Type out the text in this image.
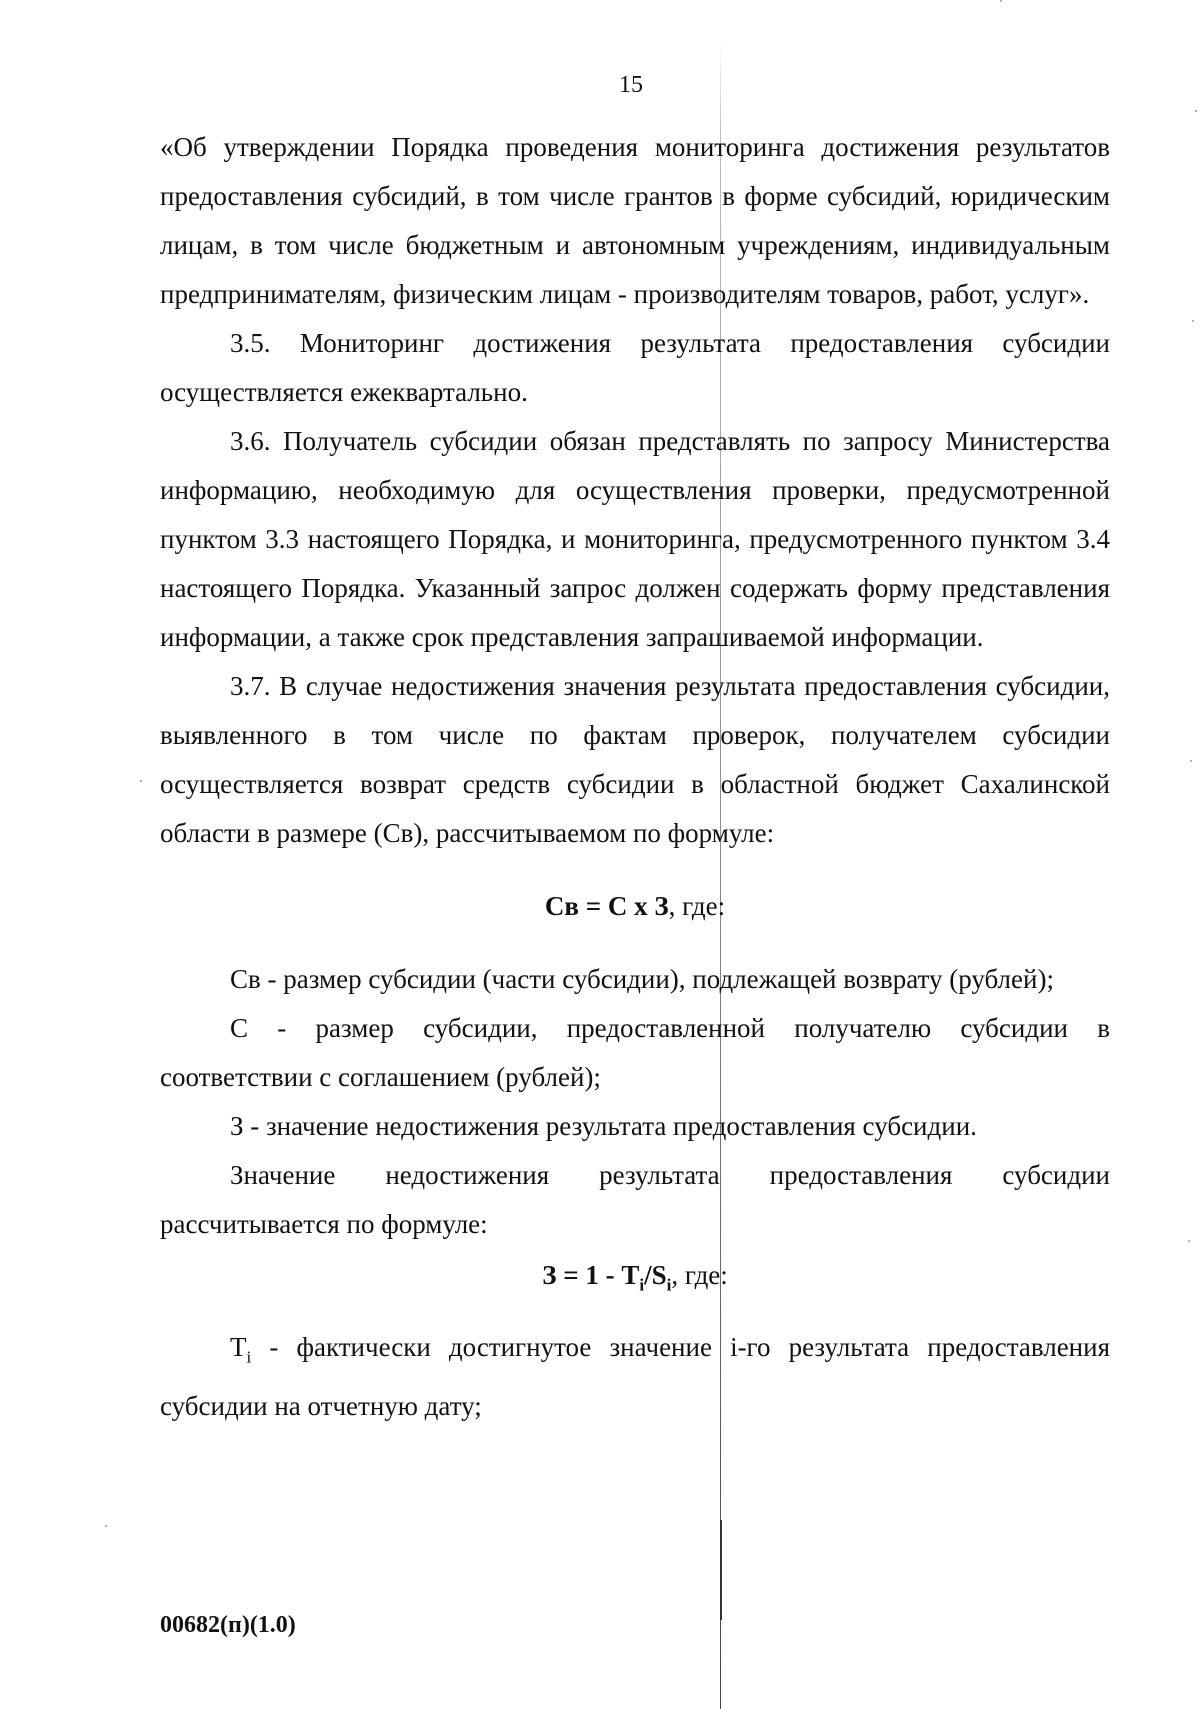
15

«Об утверждении Порядка проведения мониторинга достижения результатов предоставления субсидий, в том числе грантов в форме субсидий, юридическим лицам, в том числе бюджетным и автономным учреждениям, индивидуальным предпринимателям, физическим лицам - производителям товаров, работ, услуг».

3.5. Мониторинг достижения результата предоставления субсидии осуществляется ежеквартально.

3.6. Получатель субсидии обязан представлять по запросу Министерства информацию, необходимую для осуществления проверки, предусмотренной пунктом 3.3 настоящего Порядка, и мониторинга, предусмотренного пунктом 3.4 настоящего Порядка. Указанный запрос должен содержать форму представления информации, а также срок представления запрашиваемой информации.

3.7. В случае недостижения значения результата предоставления субсидии, выявленного в том числе по фактам проверок, получателем субсидии осуществляется возврат средств субсидии в областной бюджет Сахалинской области в размере (Св), рассчитываемом по формуле:

Св = С х З, где:

Св - размер субсидии (части субсидии), подлежащей возврату (рублей);

С - размер субсидии, предоставленной получателю субсидии в соответствии с соглашением (рублей);

З - значение недостижения результата предоставления субсидии.

Значение недостижения результата предоставления субсидии рассчитывается по формуле:

$З = 1 - T_i/S_i$, где:

$T_i$ - фактически достигнутое значение i-го результата предоставления субсидии на отчетную дату;

00682(п)(1.0)
